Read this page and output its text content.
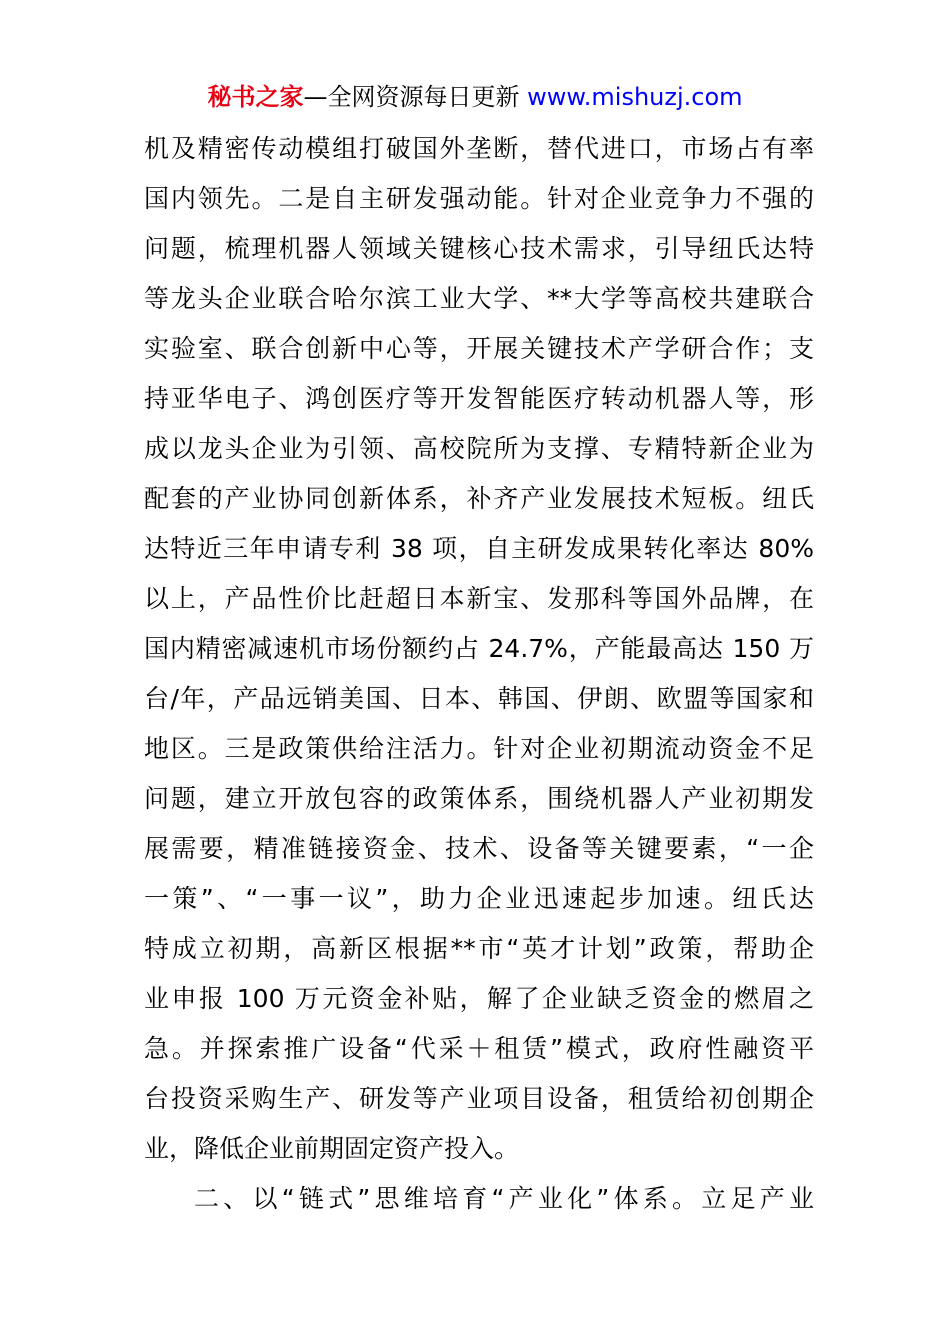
秘书之家—全网资源每日更新 www.mishuzj.com
机及精密传动模组打破国外垄断，替代进口，市场占有率
国内领先。二是自主研发强动能。针对企业竞争力不强的
问题，梳理机器人领域关键核心技术需求，引导纽氏达特
等龙头企业联合哈尔滨工业大学、**大学等高校共建联合
实验室、联合创新中心等，开展关键技术产学研合作；支
持亚华电子、鸿创医疗等开发智能医疗转动机器人等，形
成以龙头企业为引领、高校院所为支撑、专精特新企业为
配套的产业协同创新体系，补齐产业发展技术短板。纽氏
达特近三年申请专利 38 项，自主研发成果转化率达 80%
以上，产品性价比赶超日本新宝、发那科等国外品牌，在
国内精密减速机市场份额约占 24.7%，产能最高达 150 万
台/年，产品远销美国、日本、韩国、伊朗、欧盟等国家和
地区。三是政策供给注活力。针对企业初期流动资金不足
问题，建立开放包容的政策体系，围绕机器人产业初期发
展需要，精准链接资金、技术、设备等关键要素，“一企
一策”、“一事一议”，助力企业迅速起步加速。纽氏达
特成立初期，高新区根据**市“英才计划”政策，帮助企
业申报 100 万元资金补贴，解了企业缺乏资金的燃眉之
急。并探索推广设备“代采＋租赁”模式，政府性融资平
台投资采购生产、研发等产业项目设备，租赁给初创期企
业，降低企业前期固定资产投入。
二、以“链式”思维培育“产业化”体系。立足产业
